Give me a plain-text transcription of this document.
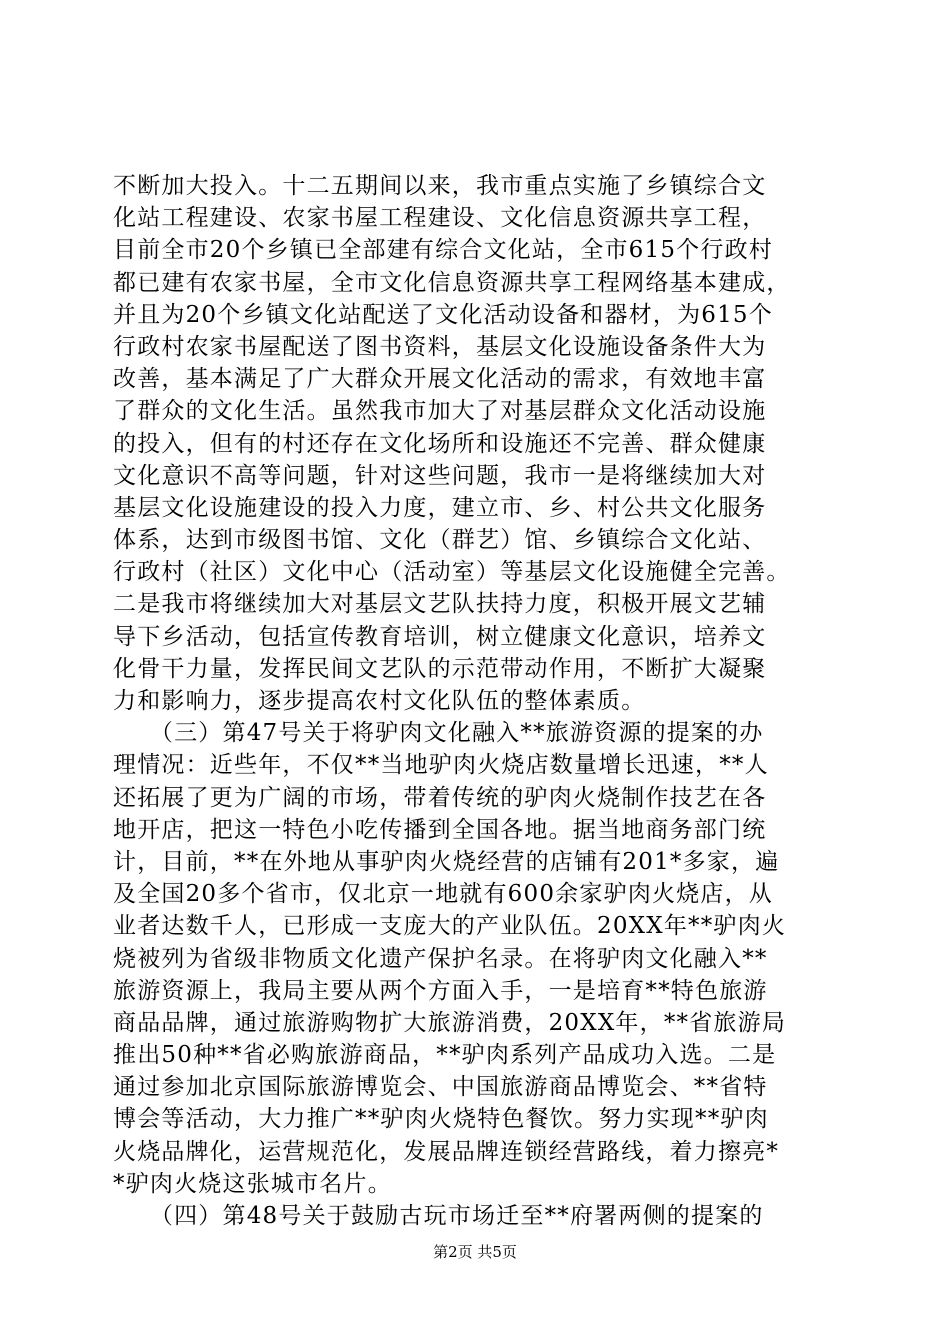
不断加大投入。十二五期间以来，我市重点实施了乡镇综合文
化站工程建设、农家书屋工程建设、文化信息资源共享工程，
目前全市20个乡镇已全部建有综合文化站，全市615个行政村
都已建有农家书屋，全市文化信息资源共享工程网络基本建成，
并且为20个乡镇文化站配送了文化活动设备和器材，为615个
行政村农家书屋配送了图书资料，基层文化设施设备条件大为
改善，基本满足了广大群众开展文化活动的需求，有效地丰富
了群众的文化生活。虽然我市加大了对基层群众文化活动设施
的投入，但有的村还存在文化场所和设施还不完善、群众健康
文化意识不高等问题，针对这些问题，我市一是将继续加大对
基层文化设施建设的投入力度，建立市、乡、村公共文化服务
体系，达到市级图书馆、文化（群艺）馆、乡镇综合文化站、
行政村（社区）文化中心（活动室）等基层文化设施健全完善。
二是我市将继续加大对基层文艺队扶持力度，积极开展文艺辅
导下乡活动，包括宣传教育培训，树立健康文化意识，培养文
化骨干力量，发挥民间文艺队的示范带动作用，不断扩大凝聚
力和影响力，逐步提高农村文化队伍的整体素质。
　　（三）第47号关于将驴肉文化融入**旅游资源的提案的办
理情况：近些年，不仅**当地驴肉火烧店数量增长迅速，**人
还拓展了更为广阔的市场，带着传统的驴肉火烧制作技艺在各
地开店，把这一特色小吃传播到全国各地。据当地商务部门统
计，目前，**在外地从事驴肉火烧经营的店铺有201*多家，遍
及全国20多个省市，仅北京一地就有600余家驴肉火烧店，从
业者达数千人，已形成一支庞大的产业队伍。20XX年**驴肉火
烧被列为省级非物质文化遗产保护名录。在将驴肉文化融入**
旅游资源上，我局主要从两个方面入手，一是培育**特色旅游
商品品牌，通过旅游购物扩大旅游消费，20XX年，**省旅游局
推出50种**省必购旅游商品，**驴肉系列产品成功入选。二是
通过参加北京国际旅游博览会、中国旅游商品博览会、**省特
博会等活动，大力推广**驴肉火烧特色餐饮。努力实现**驴肉
火烧品牌化，运营规范化，发展品牌连锁经营路线，着力擦亮*
*驴肉火烧这张城市名片。
　　（四）第48号关于鼓励古玩市场迁至**府署两侧的提案的
第2页 共5页
